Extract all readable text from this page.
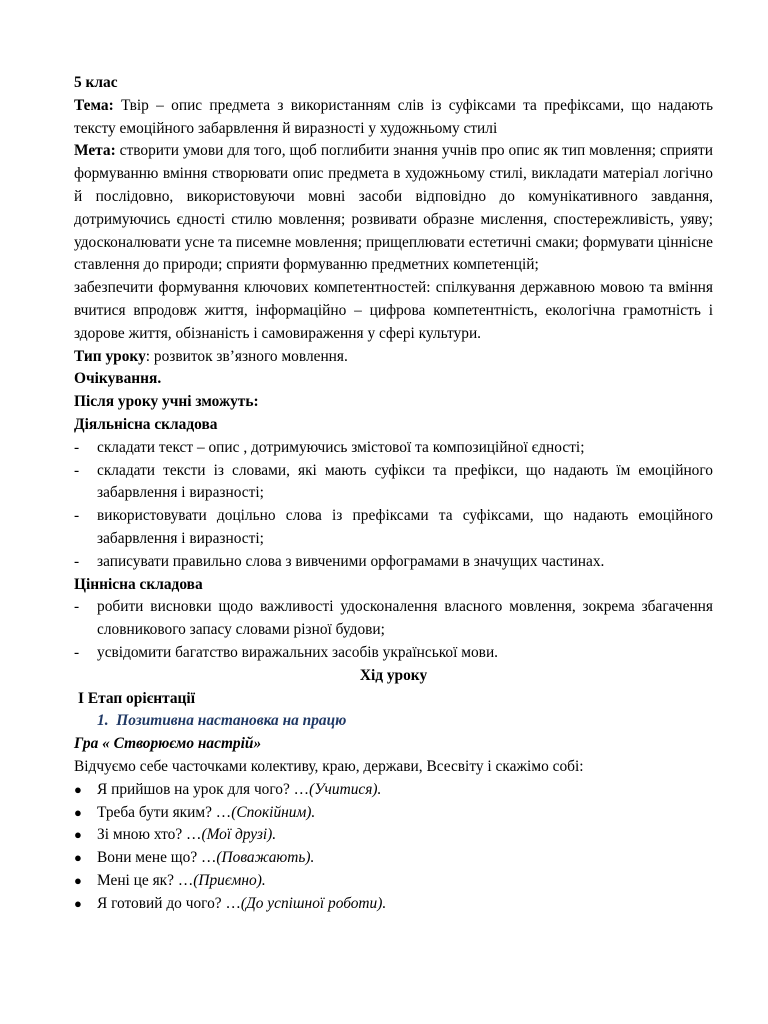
5 клас

Тема: Твір – опис предмета з використанням слів із суфіксами та префіксами, що надають тексту емоційного забарвлення й виразності у художньому стилі

Мета: створити умови для того, щоб поглибити знання учнів про опис як тип мовлення; сприяти формуванню вміння створювати опис предмета в художньому стилі, викладати матеріал логічно й послідовно, використовуючи мовні засоби відповідно до комунікативного завдання, дотримуючись єдності стилю мовлення; розвивати образне мислення, спостережливість, уяву; удосконалювати усне та писемне мовлення; прищеплювати естетичні смаки; формувати ціннісне ставлення до природи; сприяти формуванню предметних компетенцій;

забезпечити формування ключових компетентностей: спілкування державною мовою та вміння вчитися впродовж життя, інформаційно – цифрова компетентність, екологічна грамотність і здорове життя, обізнаність і самовираження у сфері культури.

Тип уроку: розвиток зв’язного мовлення.

Очікування.

Після уроку учні зможуть:

Діяльнісна складова

- складати текст – опис , дотримуючись змістової та композиційної єдності;
- складати тексти із словами, які мають суфікси та префікси, що надають їм емоційного забарвлення і виразності;
- використовувати доцільно слова із префіксами та суфіксами, що надають емоційного забарвлення і виразності;
- записувати правильно слова з вивченими орфограмами в значущих частинах.

Ціннісна складова

- робити висновки щодо важливості удосконалення власного мовлення, зокрема збагачення словникового запасу словами різної будови;
- усвідомити багатство виражальних засобів української мови.

Хід уроку

І Етап орієнтації

1. Позитивна настановка на працю

Гра « Створюємо настрій»

Відчуємо себе часточками колективу, краю, держави, Всесвіту і скажімо собі:

● Я прийшов на урок для чого? …(Учитися).
● Треба бути яким? …(Спокійним).
● Зі мною хто? …(Мої друзі).
● Вони мене що? …(Поважають).
● Мені це як? …(Приємно).
● Я готовий до чого? …(До успішної роботи).
